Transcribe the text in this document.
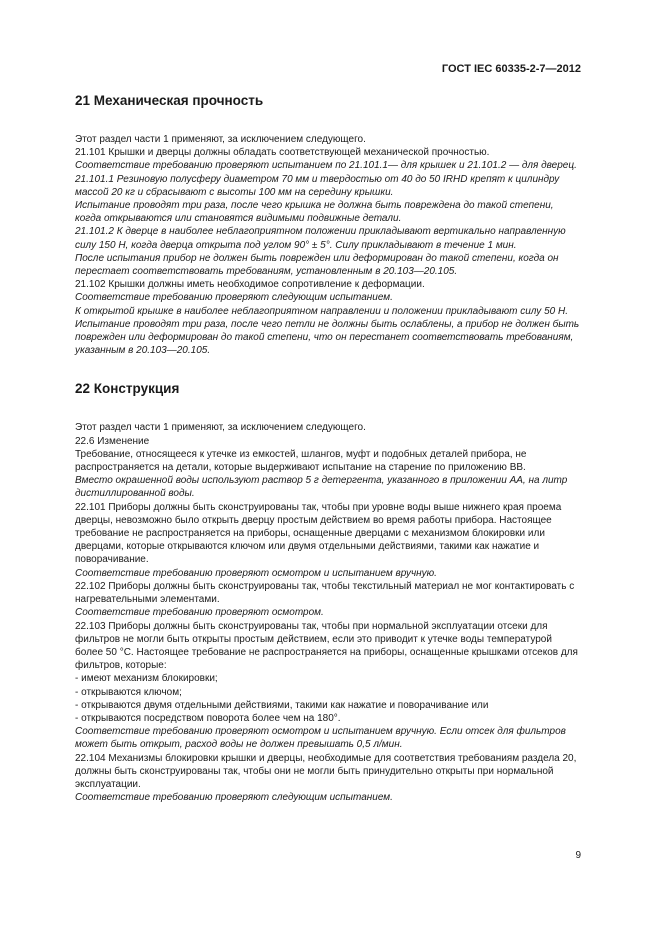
ГОСТ IEC 60335-2-7—2012
21 Механическая прочность

Этот раздел части 1 применяют, за исключением следующего.

21.101 Крышки и дверцы должны обладать соответствующей механической прочностью.

Соответствие требованию проверяют испытанием по 21.101.1— для крышек и 21.101.2 — для дверец.

21.101.1 Резиновую полусферу диаметром 70 мм и твердостью от 40 до 50 IRHD крепят к цилиндру массой 20 кг и сбрасывают с высоты 100 мм на середину крышки.

Испытание проводят три раза, после чего крышка не должна быть повреждена до такой степени, когда открываются или становятся видимыми подвижные детали.

21.101.2 К дверце в наиболее неблагоприятном положении прикладывают вертикально направленную силу 150 Н, когда дверца открыта под углом 90° ± 5°. Силу прикладывают в течение 1 мин.

После испытания прибор не должен быть поврежден или деформирован до такой степени, когда он перестает соответствовать требованиям, установленным в 20.103—20.105.

21.102 Крышки должны иметь необходимое сопротивление к деформации.

Соответствие требованию проверяют следующим испытанием.

К открытой крышке в наиболее неблагоприятном направлении и положении прикладывают силу 50 Н.

Испытание проводят три раза, после чего петли не должны быть ослаблены, а прибор не должен быть поврежден или деформирован до такой степени, что он перестанет соответствовать требованиям, указанным в 20.103—20.105.

22 Конструкция

Этот раздел части 1 применяют, за исключением следующего.

22.6 Изменение

Требование, относящееся к утечке из емкостей, шлангов, муфт и подобных деталей прибора, не распространяется на детали, которые выдерживают испытание на старение по приложению ВВ.

Вместо окрашенной воды используют раствор 5 г детергента, указанного в приложении АА, на литр дистиллированной воды.

22.101 Приборы должны быть сконструированы так, чтобы при уровне воды выше нижнего края проема дверцы, невозможно было открыть дверцу простым действием во время работы прибора. Настоящее требование не распространяется на приборы, оснащенные дверцами с механизмом блокировки или дверцами, которые открываются ключом или двумя отдельными действиями, такими как нажатие и поворачивание.

Соответствие требованию проверяют осмотром и испытанием вручную.

22.102 Приборы должны быть сконструированы так, чтобы текстильный материал не мог контактировать с нагревательными элементами.

Соответствие требованию проверяют осмотром.

22.103 Приборы должны быть сконструированы так, чтобы при нормальной эксплуатации отсеки для фильтров не могли быть открыты простым действием, если это приводит к утечке воды температурой более 50 °С. Настоящее требование не распространяется на приборы, оснащенные крышками отсеков для фильтров, которые:

- имеют механизм блокировки;
- открываются ключом;
- открываются двумя отдельными действиями, такими как нажатие и поворачивание или
- открываются посредством поворота более чем на 180°.

Соответствие требованию проверяют осмотром и испытанием вручную. Если отсек для фильтров может быть открыт, расход воды не должен превышать 0,5 л/мин.

22.104 Механизмы блокировки крышки и дверцы, необходимые для соответствия требованиям раздела 20, должны быть сконструированы так, чтобы они не могли быть принудительно открыты при нормальной эксплуатации.

Соответствие требованию проверяют следующим испытанием.

9
